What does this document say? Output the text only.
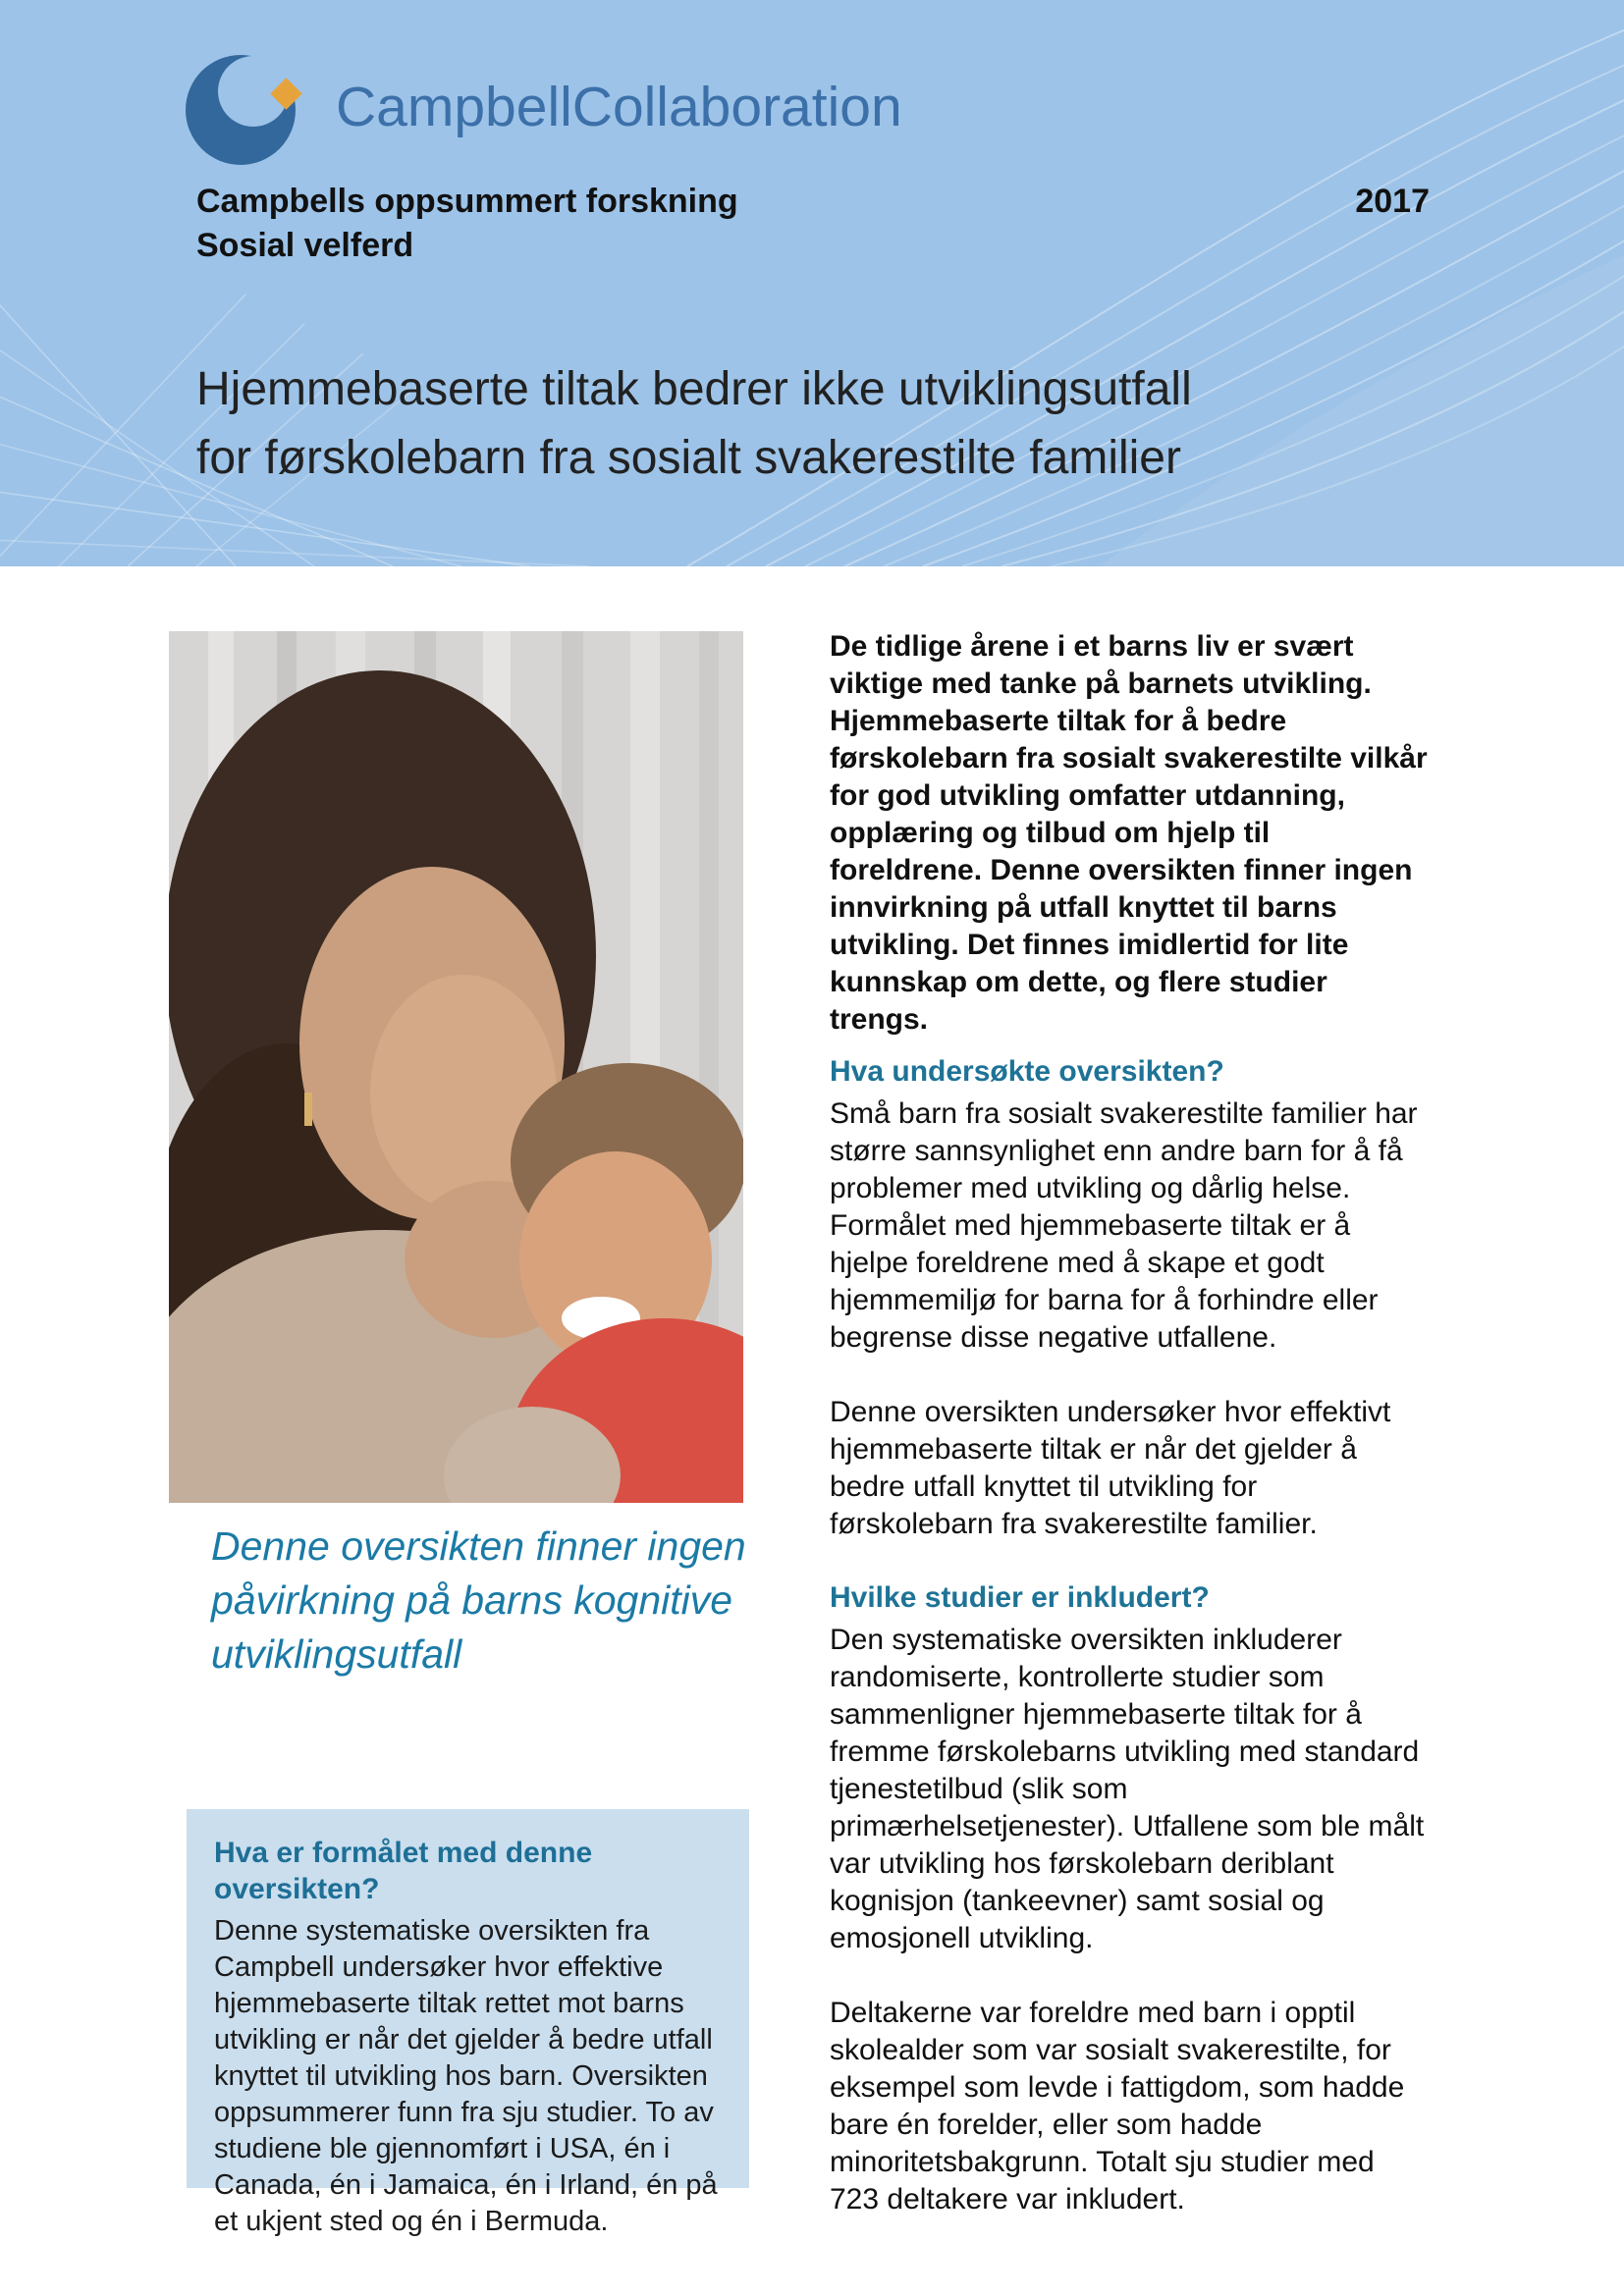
CampbellCollaboration
Campbells oppsummert forskning
Sosial velferd
2017
Hjemmebaserte tiltak bedrer ikke utviklingsutfall
for førskolebarn fra sosialt svakerestilte familier
Denne oversikten finner ingen påvirkning på barns kognitive utviklingsutfall
Hva er formålet med denne oversikten?

Denne systematiske oversikten fra Campbell undersøker hvor effektive hjemmebaserte tiltak rettet mot barns utvikling er når det gjelder å bedre utfall knyttet til utvikling hos barn. Oversikten oppsummerer funn fra sju studier. To av studiene ble gjennomført i USA, én i Canada, én i Jamaica, én i Irland, én på et ukjent sted og én i Bermuda.

De tidlige årene i et barns liv er svært viktige med tanke på barnets utvikling. Hjemmebaserte tiltak for å bedre førskolebarn fra sosialt svakerestilte vilkår for god utvikling omfatter utdanning, opplæring og tilbud om hjelp til foreldrene. Denne oversikten finner ingen innvirkning på utfall knyttet til barns utvikling. Det finnes imidlertid for lite kunnskap om dette, og flere studier trengs.

Hva undersøkte oversikten?

Små barn fra sosialt svakerestilte familier har større sannsynlighet enn andre barn for å få problemer med utvikling og dårlig helse. Formålet med hjemmebaserte tiltak er å hjelpe foreldrene med å skape et godt hjemmemiljø for barna for å forhindre eller begrense disse negative utfallene.

Denne oversikten undersøker hvor effektivt hjemmebaserte tiltak er når det gjelder å bedre utfall knyttet til utvikling for førskolebarn fra svakerestilte familier.

Hvilke studier er inkludert?

Den systematiske oversikten inkluderer randomiserte, kontrollerte studier som sammenligner hjemmebaserte tiltak for å fremme førskolebarns utvikling med standard tjenestetilbud (slik som primærhelsetjenester). Utfallene som ble målt var utvikling hos førskolebarn deriblant kognisjon (tankeevner) samt sosial og emosjonell utvikling.

Deltakerne var foreldre med barn i opptil skolealder som var sosialt svakerestilte, for eksempel som levde i fattigdom, som hadde bare én forelder, eller som hadde minoritetsbakgrunn. Totalt sju studier med 723 deltakere var inkludert.
